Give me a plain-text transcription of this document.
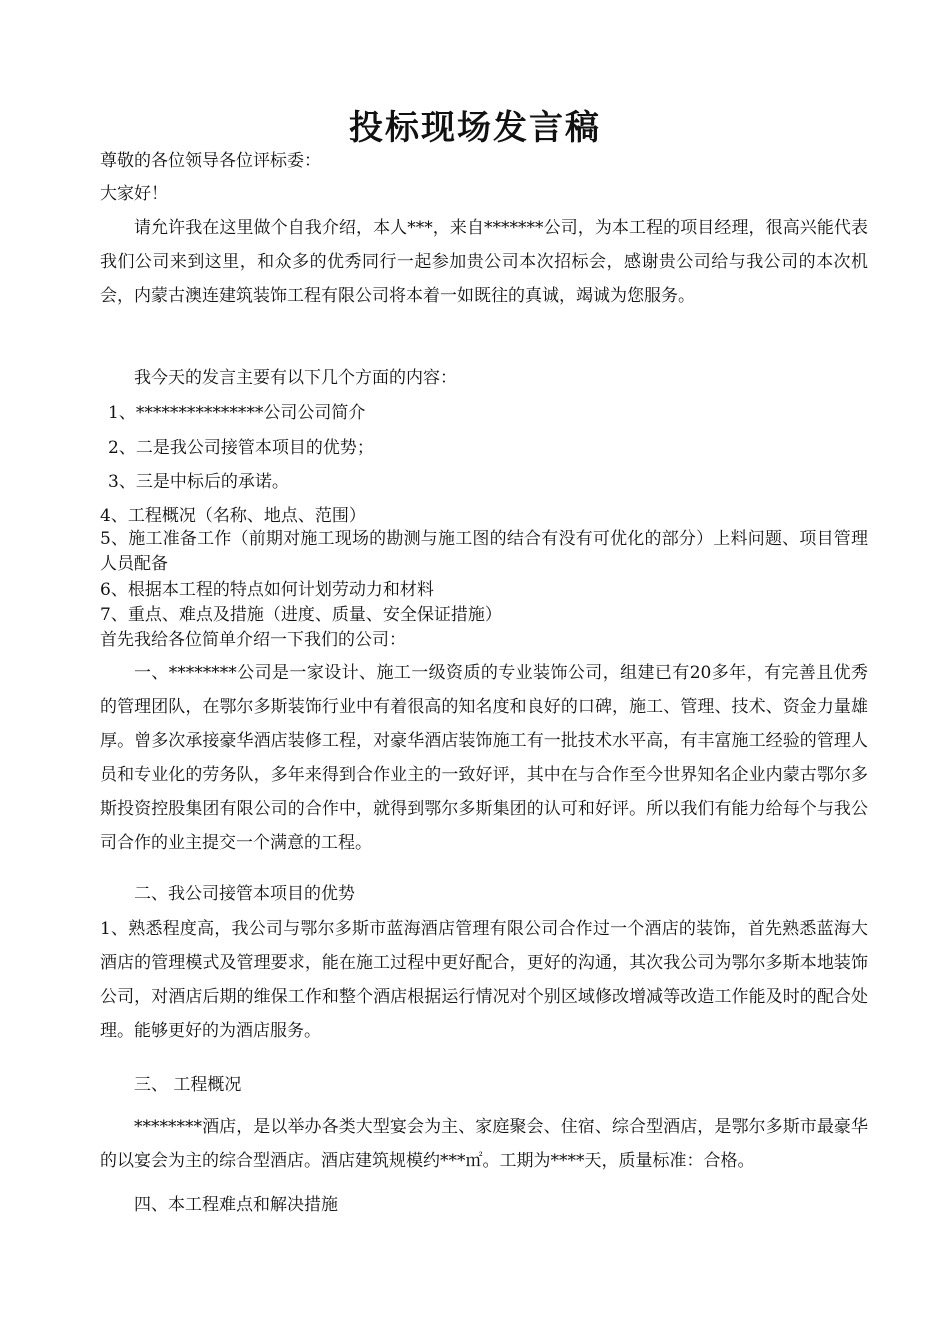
投标现场发言稿
尊敬的各位领导各位评标委：
大家好！
请允许我在这里做个自我介绍，本人***，来自*******公司，为本工程的项目经理，很高兴能代表我们公司来到这里，和众多的优秀同行一起参加贵公司本次招标会，感谢贵公司给与我公司的本次机会，内蒙古澳连建筑装饰工程有限公司将本着一如既往的真诚，竭诚为您服务。
我今天的发言主要有以下几个方面的内容：
1、***************公司公司简介
2、二是我公司接管本项目的优势；
3、三是中标后的承诺。
4、工程概况（名称、地点、范围）
5、施工准备工作（前期对施工现场的勘测与施工图的结合有没有可优化的部分）上料问题、项目管理人员配备
6、根据本工程的特点如何计划劳动力和材料
7、重点、难点及措施（进度、质量、安全保证措施）
首先我给各位简单介绍一下我们的公司：
一、********公司是一家设计、施工一级资质的专业装饰公司，组建已有20多年，有完善且优秀的管理团队，在鄂尔多斯装饰行业中有着很高的知名度和良好的口碑，施工、管理、技术、资金力量雄厚。曾多次承接豪华酒店装修工程，对豪华酒店装饰施工有一批技术水平高，有丰富施工经验的管理人员和专业化的劳务队，多年来得到合作业主的一致好评，其中在与合作至今世界知名企业内蒙古鄂尔多斯投资控股集团有限公司的合作中，就得到鄂尔多斯集团的认可和好评。所以我们有能力给每个与我公司合作的业主提交一个满意的工程。
二、我公司接管本项目的优势
1、熟悉程度高，我公司与鄂尔多斯市蓝海酒店管理有限公司合作过一个酒店的装饰，首先熟悉蓝海大酒店的管理模式及管理要求，能在施工过程中更好配合，更好的沟通，其次我公司为鄂尔多斯本地装饰公司，对酒店后期的维保工作和整个酒店根据运行情况对个别区域修改增减等改造工作能及时的配合处理。能够更好的为酒店服务。
三、 工程概况
********酒店，是以举办各类大型宴会为主、家庭聚会、住宿、综合型酒店，是鄂尔多斯市最豪华的以宴会为主的综合型酒店。酒店建筑规模约***㎡。工期为****天，质量标准：合格。
四、本工程难点和解决措施
